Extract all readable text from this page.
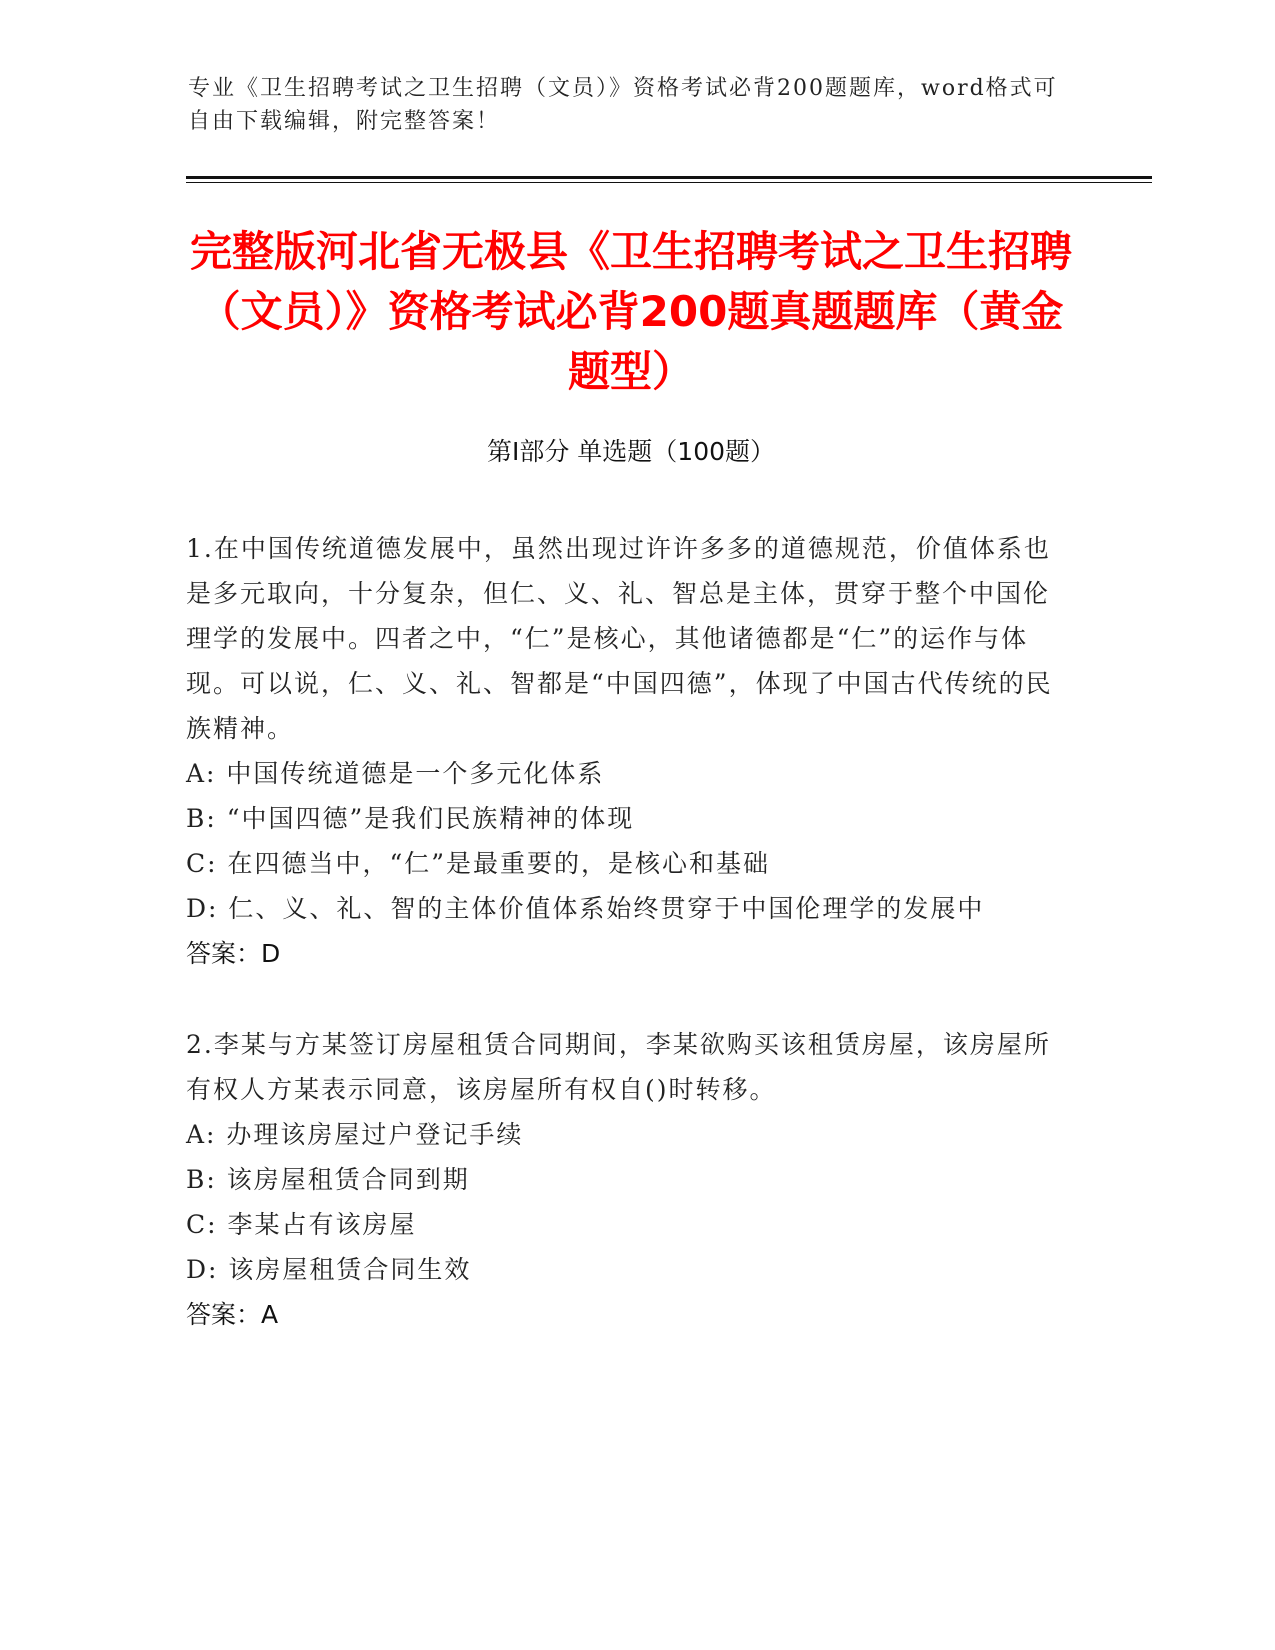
专业《卫生招聘考试之卫生招聘（文员）》资格考试必背200题题库，word格式可自由下载编辑，附完整答案！
完整版河北省无极县《卫生招聘考试之卫生招聘（文员）》资格考试必背200题真题题库（黄金题型）
第Ⅰ部分 单选题（100题）

1.在中国传统道德发展中，虽然出现过许许多多的道德规范，价值体系也是多元取向，十分复杂，但仁、义、礼、智总是主体，贯穿于整个中国伦理学的发展中。四者之中，“仁”是核心，其他诸德都是“仁”的运作与体现。可以说，仁、义、礼、智都是“中国四德”，体现了中国古代传统的民族精神。

A: 中国传统道德是一个多元化体系

B: “中国四德”是我们民族精神的体现

C: 在四德当中，“仁”是最重要的，是核心和基础

D: 仁、义、礼、智的主体价值体系始终贯穿于中国伦理学的发展中

答案：D

2.李某与方某签订房屋租赁合同期间，李某欲购买该租赁房屋，该房屋所有权人方某表示同意，该房屋所有权自()时转移。

A: 办理该房屋过户登记手续

B: 该房屋租赁合同到期

C: 李某占有该房屋

D: 该房屋租赁合同生效

答案：A
